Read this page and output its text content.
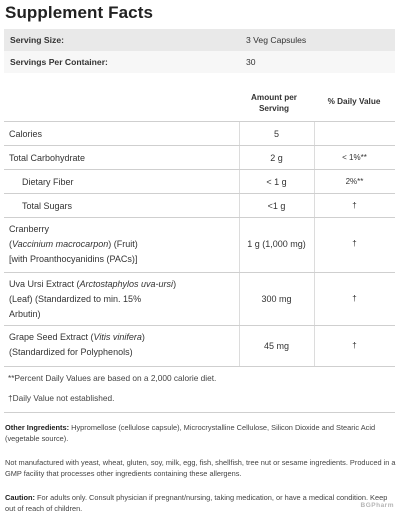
Supplement Facts
Serving Size:	3 Veg Capsules
Servings Per Container:	30
Amount per
Serving
% Daily Value
Calories	5
Total Carbohydrate	2 g	< 1%**
Dietary Fiber	< 1 g	2%**
Total Sugars	<1 g	†
Cranberry
(Vaccinium macrocarpon) (Fruit)
[with Proanthocyanidins (PACs)]
1 g (1,000 mg)	†
Uva Ursi Extract (Arctostaphylos uva-ursi)
(Leaf) (Standardized to min. 15%
Arbutin)
300 mg	†
Grape Seed Extract (Vitis vinifera)
(Standardized for Polyphenols)
45 mg	†
**Percent Daily Values are based on a 2,000 calorie diet.
†Daily Value not established.
Other Ingredients: Hypromellose (cellulose capsule), Microcrystalline Cellulose, Silicon Dioxide and Stearic Acid (vegetable source).
Not manufactured with yeast, wheat, gluten, soy, milk, egg, fish, shellfish, tree nut or sesame ingredients. Produced in a GMP facility that processes other ingredients containing these allergens.
Caution: For adults only. Consult physician if pregnant/nursing, taking medication, or have a medical condition. Keep out of reach of children.	BGPharm
